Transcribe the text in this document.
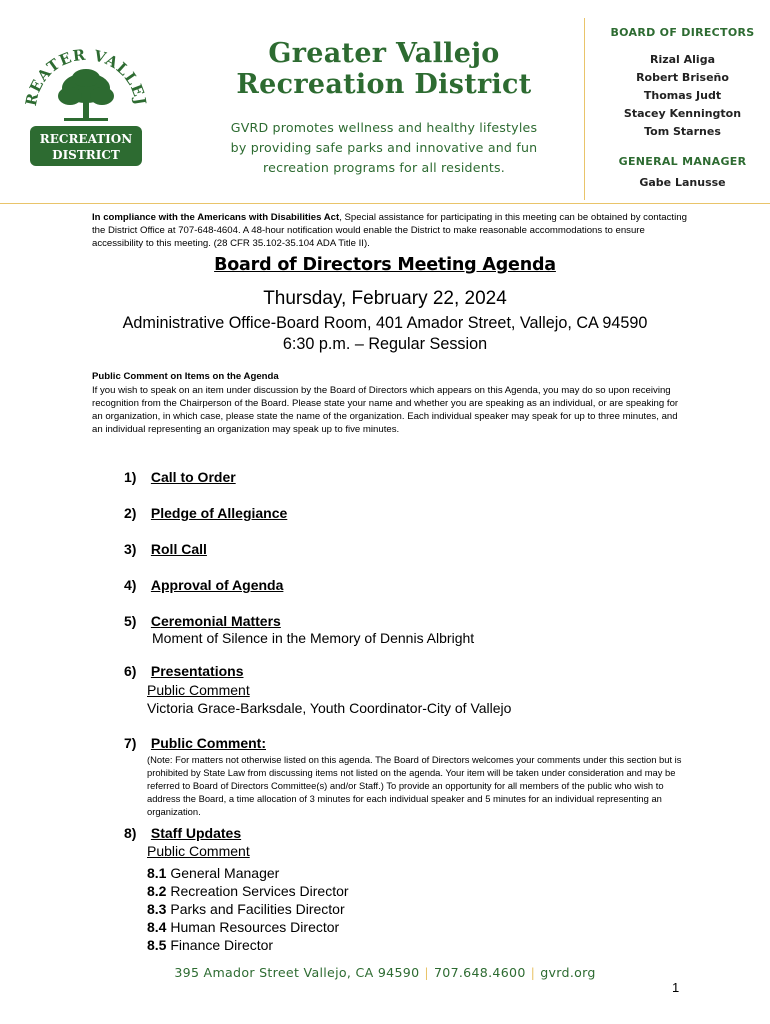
EATER VALLEJ
RECREATION
DISTRICT
Greater Vallejo
Recreation District
GVRD promotes wellness and healthy lifestyles
by providing safe parks and innovative and fun
recreation programs for all residents.
BOARD OF DIRECTORS
Rizal Aliga
Robert Briseño
Thomas Judt
Stacey Kennington
Tom Starnes
GENERAL MANAGER
Gabe Lanusse
In compliance with the Americans with Disabilities Act, Special assistance for participating in this meeting can be obtained by contacting the District Office at 707-648-4604. A 48-hour notification would enable the District to make reasonable accommodations to ensure accessibility to this meeting. (28 CFR 35.102-35.104 ADA Title II).
Board of Directors Meeting Agenda
Thursday, February 22, 2024
Administrative Office-Board Room, 401 Amador Street, Vallejo, CA 94590
6:30 p.m. – Regular Session
Public Comment on Items on the Agenda
If you wish to speak on an item under discussion by the Board of Directors which appears on this Agenda, you may do so upon receiving recognition from the Chairperson of the Board. Please state your name and whether you are speaking as an individual, or are speaking for an organization, in which case, please state the name of the organization. Each individual speaker may speak for up to three minutes, and an individual representing an organization may speak up to five minutes.
1) Call to Order
2) Pledge of Allegiance
3) Roll Call
4) Approval of Agenda
5) Ceremonial Matters
Moment of Silence in the Memory of Dennis Albright
6) Presentations
Public Comment
Victoria Grace-Barksdale, Youth Coordinator-City of Vallejo
7) Public Comment:
(Note: For matters not otherwise listed on this agenda. The Board of Directors welcomes your comments under this section but is prohibited by State Law from discussing items not listed on the agenda. Your item will be taken under consideration and may be referred to Board of Directors Committee(s) and/or Staff.) To provide an opportunity for all members of the public who wish to address the Board, a time allocation of 3 minutes for each individual speaker and 5 minutes for an individual representing an organization.
8) Staff Updates
Public Comment
8.1 General Manager
8.2 Recreation Services Director
8.3 Parks and Facilities Director
8.4 Human Resources Director
8.5 Finance Director
395 Amador Street Vallejo, CA 94590 | 707.648.4600 | gvrd.org
1
